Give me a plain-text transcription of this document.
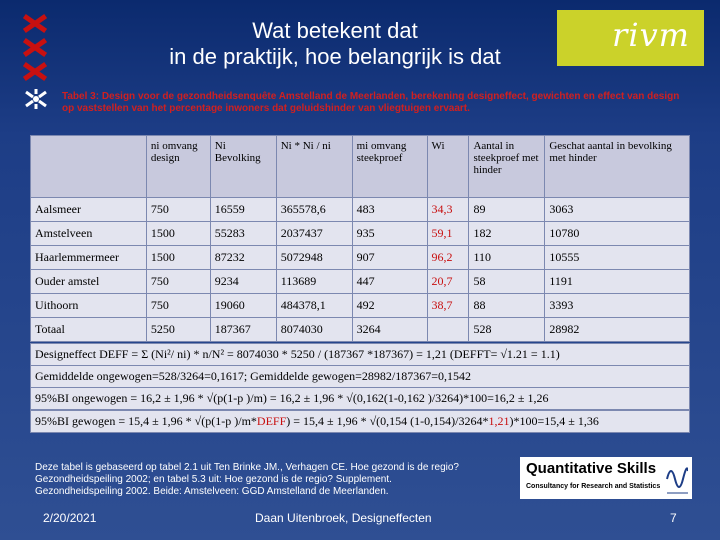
Wat betekent dat
in de praktijk, hoe belangrijk is dat
rivm
Tabel 3: Design voor de gezondheidsenquête Amstelland de Meerlanden, berekening designeffect, gewichten en effect van design op vaststellen van het percentage inwoners dat geluidshinder van vliegtuigen ervaart.
	ni omvang design	Ni Bevolking	Ni * Ni / ni	mi omvang steekproef	Wi	Aantal in steekproef met hinder	Geschat aantal in bevolking met hinder
Aalsmeer	750	16559	365578,6	483	34,3	89	3063
Amstelveen	1500	55283	2037437	935	59,1	182	10780
Haarlemmermeer	1500	87232	5072948	907	96,2	110	10555
Ouder amstel	750	9234	113689	447	20,7	58	1191
Uithoorn	750	19060	484378,1	492	38,7	88	3393
Totaal	5250	187367	8074030	3264		528	28982
Designeffect DEFF = Σ (Ni²/ ni) * n/N² = 8074030 * 5250 / (187367 *187367) = 1,21 (DEFFT= √1.21 = 1.1)
Gemiddelde ongewogen=528/3264=0,1617; Gemiddelde gewogen=28982/187367=0,1542
95%BI ongewogen = 16,2 ± 1,96 * √(p(1-p )/m) = 16,2 ± 1,96 * √(0,162(1-0,162 )/3264)*100=16,2 ± 1,26
95%BI gewogen = 15,4 ± 1,96 * √(p(1-p )/m*DEFF) = 15,4 ± 1,96 * √(0,154 (1-0,154)/3264*1,21)*100=15,4 ± 1,36
Deze tabel is gebaseerd op tabel 2.1 uit Ten Brinke JM., Verhagen CE. Hoe gezond is de regio?
Gezondheidspeiling 2002; en tabel 5.3 uit: Hoe gezond is de regio? Supplement.
Gezondheidspeiling 2002. Beide: Amstelveen: GGD Amstelland de Meerlanden.
Quantitative Skills
Consultancy for Research and Statistics
2/20/2021	Daan Uitenbroek, Designeffecten	7
